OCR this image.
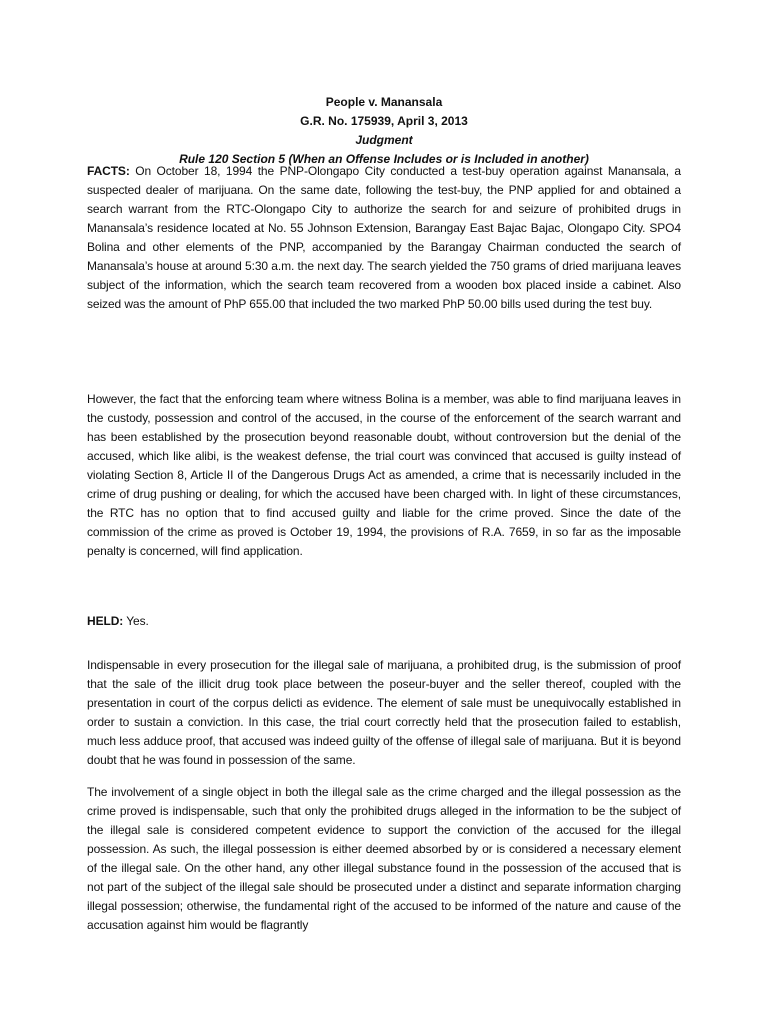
People v. Manansala
G.R. No. 175939, April 3, 2013
Judgment
Rule 120 Section 5 (When an Offense Includes or is Included in another)

FACTS: On October 18, 1994 the PNP-Olongapo City conducted a test-buy operation against Manansala, a suspected dealer of marijuana. On the same date, following the test-buy, the PNP applied for and obtained a search warrant from the RTC-Olongapo City to authorize the search for and seizure of prohibited drugs in Manansala’s residence located at No. 55 Johnson Extension, Barangay East Bajac Bajac, Olongapo City. SPO4 Bolina and other elements of the PNP, accompanied by the Barangay Chairman conducted the search of Manansala’s house at around 5:30 a.m. the next day. The search yielded the 750 grams of dried marijuana leaves subject of the information, which the search team recovered from a wooden box placed inside a cabinet. Also seized was the amount of PhP 655.00 that included the two marked PhP 50.00 bills used during the test buy.

However, the fact that the enforcing team where witness Bolina is a member, was able to find marijuana leaves in the custody, possession and control of the accused, in the course of the enforcement of the search warrant and has been established by the prosecution beyond reasonable doubt, without controversion but the denial of the accused, which like alibi, is the weakest defense, the trial court was convinced that accused is guilty instead of violating Section 8, Article II of the Dangerous Drugs Act as amended, a crime that is necessarily included in the crime of drug pushing or dealing, for which the accused have been charged with. In light of these circumstances, the RTC has no option that to find accused guilty and liable for the crime proved. Since the date of the commission of the crime as proved is October 19, 1994, the provisions of R.A. 7659, in so far as the imposable penalty is concerned, will find application.

HELD: Yes.

Indispensable in every prosecution for the illegal sale of marijuana, a prohibited drug, is the submission of proof that the sale of the illicit drug took place between the poseur-buyer and the seller thereof, coupled with the presentation in court of the corpus delicti as evidence. The element of sale must be unequivocally established in order to sustain a conviction. In this case, the trial court correctly held that the prosecution failed to establish, much less adduce proof, that accused was indeed guilty of the offense of illegal sale of marijuana. But it is beyond doubt that he was found in possession of the same.

The involvement of a single object in both the illegal sale as the crime charged and the illegal possession as the crime proved is indispensable, such that only the prohibited drugs alleged in the information to be the subject of the illegal sale is considered competent evidence to support the conviction of the accused for the illegal possession. As such, the illegal possession is either deemed absorbed by or is considered a necessary element of the illegal sale. On the other hand, any other illegal substance found in the possession of the accused that is not part of the subject of the illegal sale should be prosecuted under a distinct and separate information charging illegal possession; otherwise, the fundamental right of the accused to be informed of the nature and cause of the accusation against him would be flagrantly
